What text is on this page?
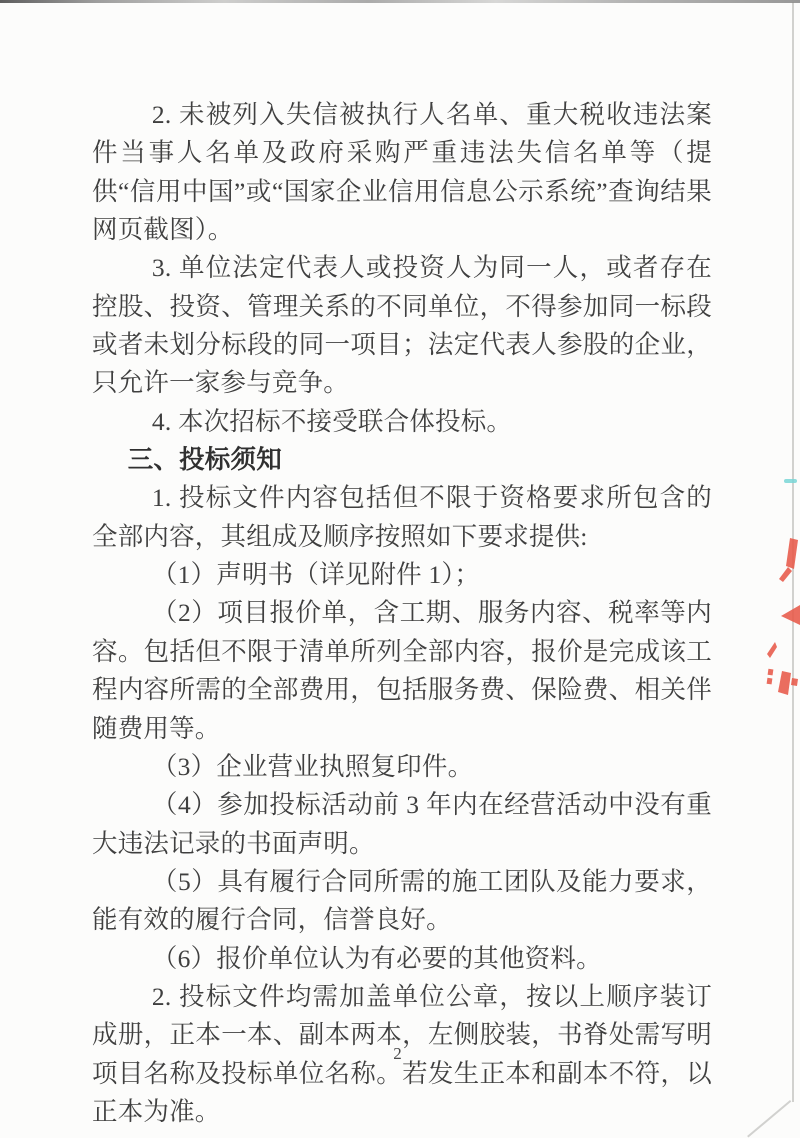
2. 未被列入失信被执行人名单、重大税收违法案件当事人名单及政府采购严重违法失信名单等（提供“信用中国”或“国家企业信用信息公示系统”查询结果网页截图）。

3. 单位法定代表人或投资人为同一人，或者存在控股、投资、管理关系的不同单位，不得参加同一标段或者未划分标段的同一项目；法定代表人参股的企业，只允许一家参与竞争。

4. 本次招标不接受联合体投标。

三、投标须知

1. 投标文件内容包括但不限于资格要求所包含的全部内容，其组成及顺序按照如下要求提供:

（1）声明书（详见附件 1）；

（2）项目报价单，含工期、服务内容、税率等内容。包括但不限于清单所列全部内容，报价是完成该工程内容所需的全部费用，包括服务费、保险费、相关伴随费用等。

（3）企业营业执照复印件。

（4）参加投标活动前 3 年内在经营活动中没有重大违法记录的书面声明。

（5）具有履行合同所需的施工团队及能力要求，能有效的履行合同，信誉良好。

（6）报价单位认为有必要的其他资料。

2. 投标文件均需加盖单位公章，按以上顺序装订成册，正本一本、副本两本，左侧胶装，书脊处需写明项目名称及投标单位名称。若发生正本和副本不符，以正本为准。

2
